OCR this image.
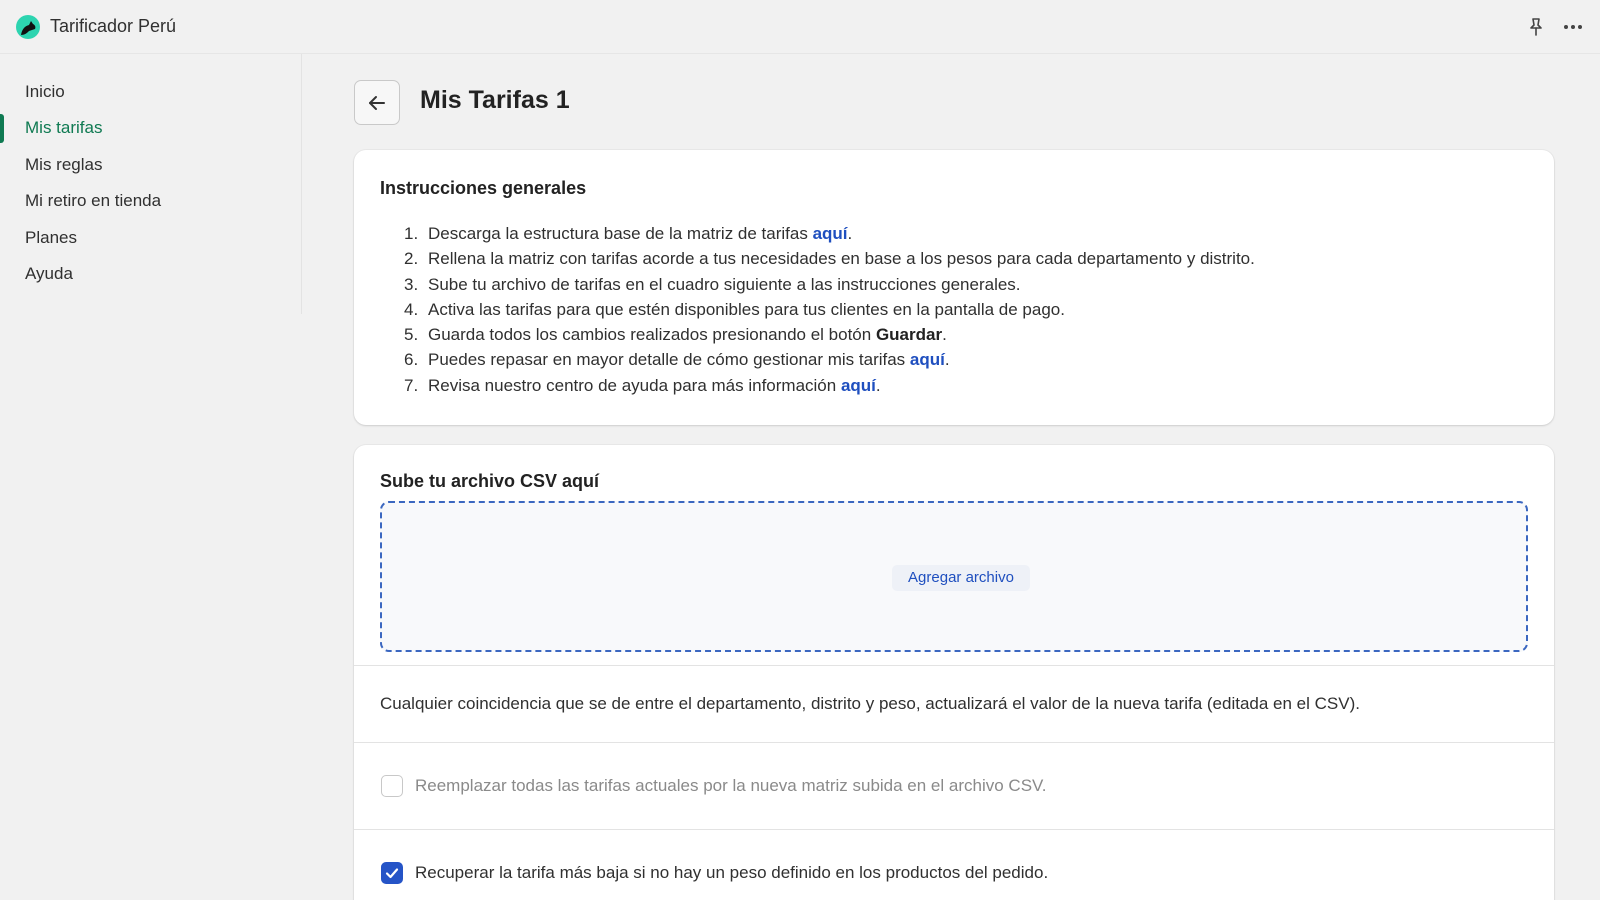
Tarificador Perú
Inicio
Mis tarifas
Mis reglas
Mi retiro en tienda
Planes
Ayuda
Mis Tarifas 1
Instrucciones generales
1. Descarga la estructura base de la matriz de tarifas aquí.
2. Rellena la matriz con tarifas acorde a tus necesidades en base a los pesos para cada departamento y distrito.
3. Sube tu archivo de tarifas en el cuadro siguiente a las instrucciones generales.
4. Activa las tarifas para que estén disponibles para tus clientes en la pantalla de pago.
5. Guarda todos los cambios realizados presionando el botón Guardar.
6. Puedes repasar en mayor detalle de cómo gestionar mis tarifas aquí.
7. Revisa nuestro centro de ayuda para más información aquí.
Sube tu archivo CSV aquí
Agregar archivo
Cualquier coincidencia que se de entre el departamento, distrito y peso, actualizará el valor de la nueva tarifa (editada en el CSV).
Reemplazar todas las tarifas actuales por la nueva matriz subida en el archivo CSV.
Recuperar la tarifa más baja si no hay un peso definido en los productos del pedido.
